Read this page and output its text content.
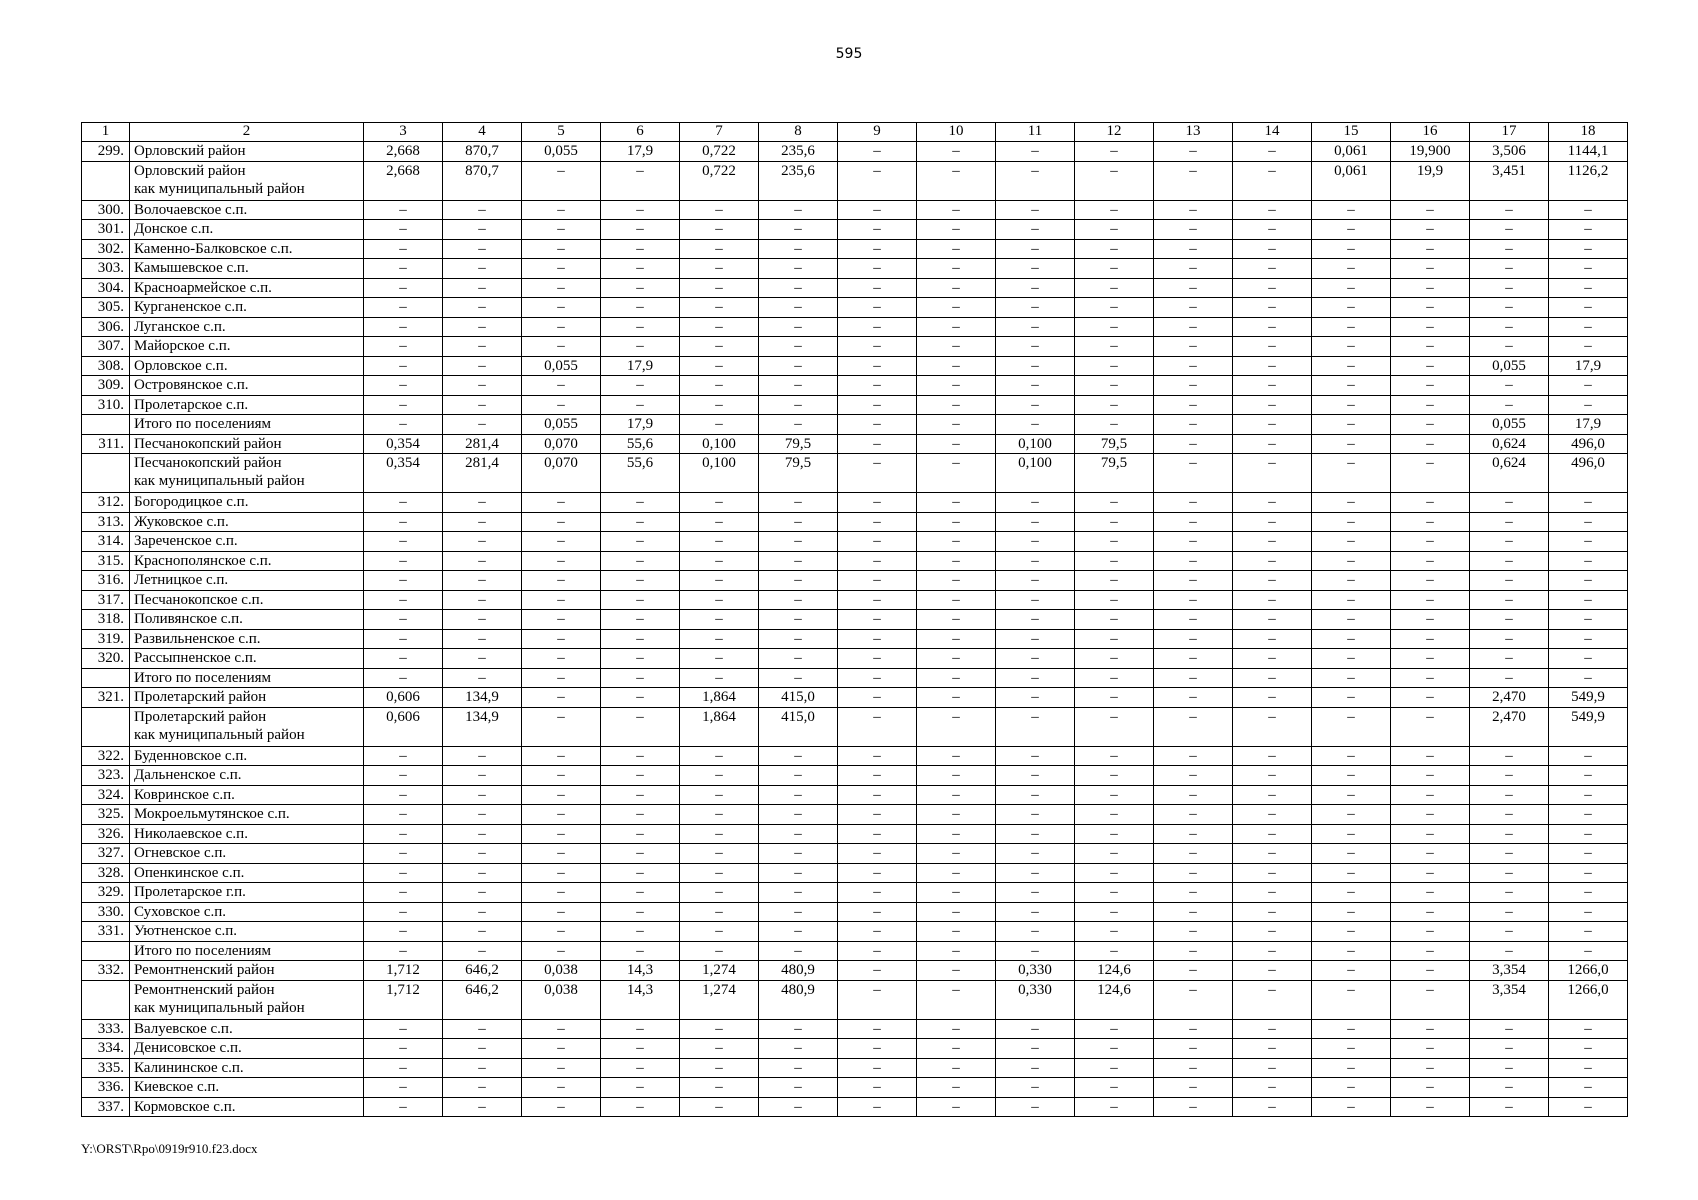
595
1	2	3	4	5	6	7	8	9	10	11	12	13	14	15	16	17	18
299.	Орловский район	2,668	870,7	0,055	17,9	0,722	235,6	–	–	–	–	–	–	0,061	19,900	3,506	1144,1
	Орловский район
как муниципальный район	2,668	870,7	–	–	0,722	235,6	–	–	–	–	–	–	0,061	19,9	3,451	1126,2
300.	Волочаевское с.п.	–	–	–	–	–	–	–	–	–	–	–	–	–	–	–	–
301.	Донское с.п.	–	–	–	–	–	–	–	–	–	–	–	–	–	–	–	–
302.	Каменно-Балковское с.п.	–	–	–	–	–	–	–	–	–	–	–	–	–	–	–	–
303.	Камышевское с.п.	–	–	–	–	–	–	–	–	–	–	–	–	–	–	–	–
304.	Красноармейское с.п.	–	–	–	–	–	–	–	–	–	–	–	–	–	–	–	–
305.	Курганенское с.п.	–	–	–	–	–	–	–	–	–	–	–	–	–	–	–	–
306.	Луганское с.п.	–	–	–	–	–	–	–	–	–	–	–	–	–	–	–	–
307.	Майорское с.п.	–	–	–	–	–	–	–	–	–	–	–	–	–	–	–	–
308.	Орловское с.п.	–	–	0,055	17,9	–	–	–	–	–	–	–	–	–	–	0,055	17,9
309.	Островянское с.п.	–	–	–	–	–	–	–	–	–	–	–	–	–	–	–	–
310.	Пролетарское с.п.	–	–	–	–	–	–	–	–	–	–	–	–	–	–	–	–
	Итого по поселениям	–	–	0,055	17,9	–	–	–	–	–	–	–	–	–	–	0,055	17,9
311.	Песчанокопский район	0,354	281,4	0,070	55,6	0,100	79,5	–	–	0,100	79,5	–	–	–	–	0,624	496,0
	Песчанокопский район
как муниципальный район	0,354	281,4	0,070	55,6	0,100	79,5	–	–	0,100	79,5	–	–	–	–	0,624	496,0
312.	Богородицкое с.п.	–	–	–	–	–	–	–	–	–	–	–	–	–	–	–	–
313.	Жуковское с.п.	–	–	–	–	–	–	–	–	–	–	–	–	–	–	–	–
314.	Зареченское с.п.	–	–	–	–	–	–	–	–	–	–	–	–	–	–	–	–
315.	Краснополянское с.п.	–	–	–	–	–	–	–	–	–	–	–	–	–	–	–	–
316.	Летницкое с.п.	–	–	–	–	–	–	–	–	–	–	–	–	–	–	–	–
317.	Песчанокопское с.п.	–	–	–	–	–	–	–	–	–	–	–	–	–	–	–	–
318.	Поливянское с.п.	–	–	–	–	–	–	–	–	–	–	–	–	–	–	–	–
319.	Развильненское с.п.	–	–	–	–	–	–	–	–	–	–	–	–	–	–	–	–
320.	Рассыпненское с.п.	–	–	–	–	–	–	–	–	–	–	–	–	–	–	–	–
	Итого по поселениям	–	–	–	–	–	–	–	–	–	–	–	–	–	–	–	–
321.	Пролетарский район	0,606	134,9	–	–	1,864	415,0	–	–	–	–	–	–	–	–	2,470	549,9
	Пролетарский район
как муниципальный район	0,606	134,9	–	–	1,864	415,0	–	–	–	–	–	–	–	–	2,470	549,9
322.	Буденновское с.п.	–	–	–	–	–	–	–	–	–	–	–	–	–	–	–	–
323.	Дальненское с.п.	–	–	–	–	–	–	–	–	–	–	–	–	–	–	–	–
324.	Ковринское с.п.	–	–	–	–	–	–	–	–	–	–	–	–	–	–	–	–
325.	Мокроельмутянское с.п.	–	–	–	–	–	–	–	–	–	–	–	–	–	–	–	–
326.	Николаевское с.п.	–	–	–	–	–	–	–	–	–	–	–	–	–	–	–	–
327.	Огневское с.п.	–	–	–	–	–	–	–	–	–	–	–	–	–	–	–	–
328.	Опенкинское с.п.	–	–	–	–	–	–	–	–	–	–	–	–	–	–	–	–
329.	Пролетарское г.п.	–	–	–	–	–	–	–	–	–	–	–	–	–	–	–	–
330.	Суховское с.п.	–	–	–	–	–	–	–	–	–	–	–	–	–	–	–	–
331.	Уютненское с.п.	–	–	–	–	–	–	–	–	–	–	–	–	–	–	–	–
	Итого по поселениям	–	–	–	–	–	–	–	–	–	–	–	–	–	–	–	–
332.	Ремонтненский район	1,712	646,2	0,038	14,3	1,274	480,9	–	–	0,330	124,6	–	–	–	–	3,354	1266,0
	Ремонтненский район
как муниципальный район	1,712	646,2	0,038	14,3	1,274	480,9	–	–	0,330	124,6	–	–	–	–	3,354	1266,0
333.	Валуевское с.п.	–	–	–	–	–	–	–	–	–	–	–	–	–	–	–	–
334.	Денисовское с.п.	–	–	–	–	–	–	–	–	–	–	–	–	–	–	–	–
335.	Калининское с.п.	–	–	–	–	–	–	–	–	–	–	–	–	–	–	–	–
336.	Киевское с.п.	–	–	–	–	–	–	–	–	–	–	–	–	–	–	–	–
337.	Кормовское с.п.	–	–	–	–	–	–	–	–	–	–	–	–	–	–	–	–
Y:\ORST\Rpo\0919r910.f23.docx
